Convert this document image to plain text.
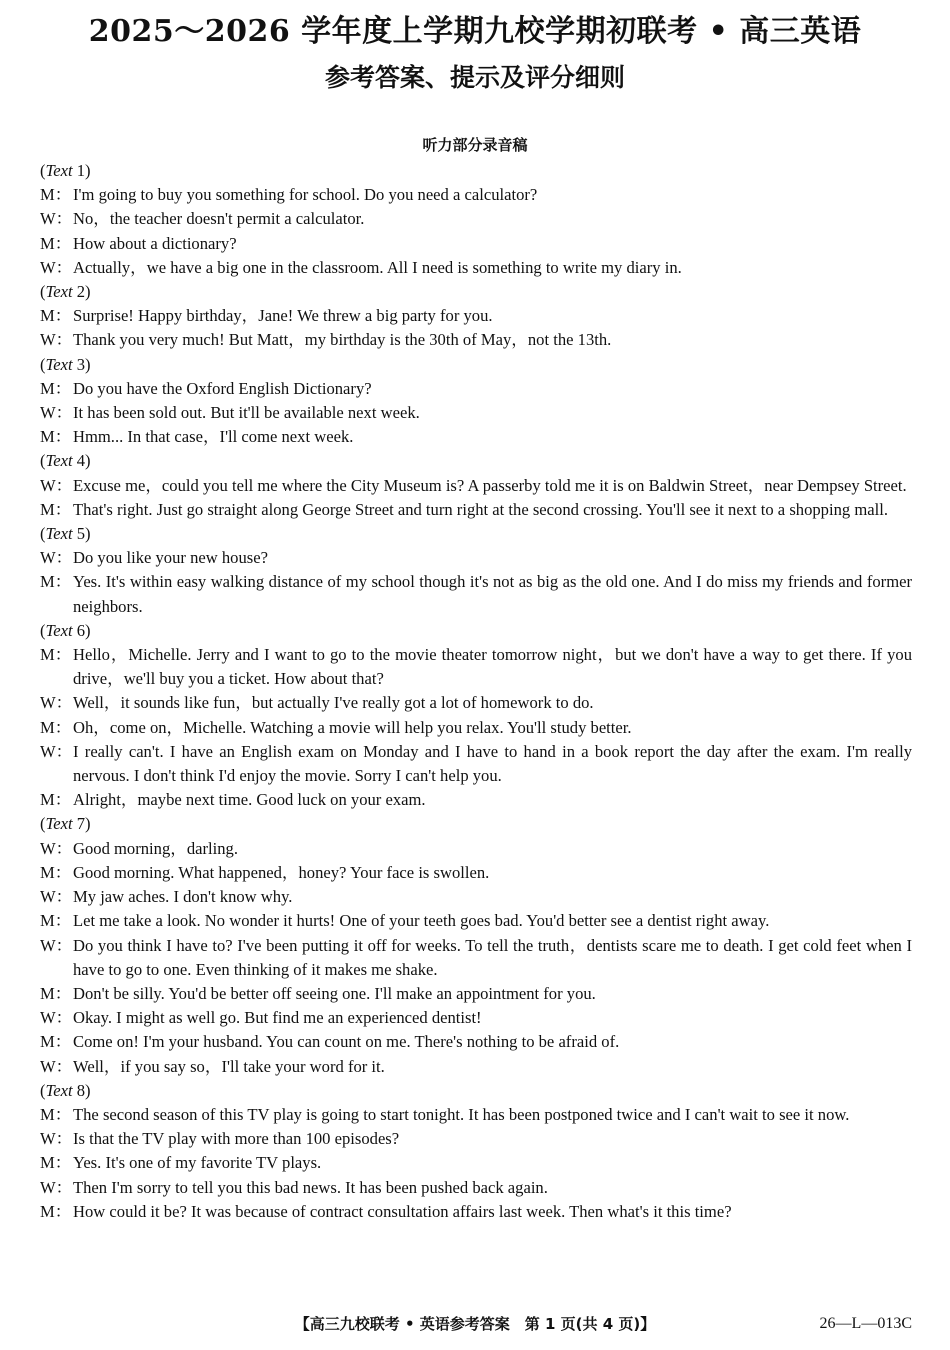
2025～2026 学年度上学期九校学期初联考 • 高三英语
参考答案、提示及评分细则
听力部分录音稿

(Text 1)

M：I'm going to buy you something for school. Do you need a calculator?

W：No，the teacher doesn't permit a calculator.

M：How about a dictionary?

W：Actually，we have a big one in the classroom. All I need is something to write my diary in.

(Text 2)

M：Surprise! Happy birthday，Jane! We threw a big party for you.

W：Thank you very much! But Matt，my birthday is the 30th of May，not the 13th.

(Text 3)

M：Do you have the Oxford English Dictionary?

W：It has been sold out. But it'll be available next week.

M：Hmm... In that case，I'll come next week.

(Text 4)

W：Excuse me，could you tell me where the City Museum is? A passerby told me it is on Baldwin Street，near Dempsey Street.

M：That's right. Just go straight along George Street and turn right at the second crossing. You'll see it next to a shopping mall.

(Text 5)

W：Do you like your new house?

M：Yes. It's within easy walking distance of my school though it's not as big as the old one. And I do miss my friends and former neighbors.

(Text 6)

M：Hello，Michelle. Jerry and I want to go to the movie theater tomorrow night，but we don't have a way to get there. If you drive，we'll buy you a ticket. How about that?

W：Well，it sounds like fun，but actually I've really got a lot of homework to do.

M：Oh，come on，Michelle. Watching a movie will help you relax. You'll study better.

W：I really can't. I have an English exam on Monday and I have to hand in a book report the day after the exam. I'm really nervous. I don't think I'd enjoy the movie. Sorry I can't help you.

M：Alright，maybe next time. Good luck on your exam.

(Text 7)

W：Good morning，darling.

M：Good morning. What happened，honey? Your face is swollen.

W：My jaw aches. I don't know why.

M：Let me take a look. No wonder it hurts! One of your teeth goes bad. You'd better see a dentist right away.

W：Do you think I have to? I've been putting it off for weeks. To tell the truth，dentists scare me to death. I get cold feet when I have to go to one. Even thinking of it makes me shake.

M：Don't be silly. You'd be better off seeing one. I'll make an appointment for you.

W：Okay. I might as well go. But find me an experienced dentist!

M：Come on! I'm your husband. You can count on me. There's nothing to be afraid of.

W：Well，if you say so，I'll take your word for it.

(Text 8)

M：The second season of this TV play is going to start tonight. It has been postponed twice and I can't wait to see it now.

W：Is that the TV play with more than 100 episodes?

M：Yes. It's one of my favorite TV plays.

W：Then I'm sorry to tell you this bad news. It has been pushed back again.

M：How could it be? It was because of contract consultation affairs last week. Then what's it this time?

【高三九校联考 • 英语参考答案　第 1 页(共 4 页)】	26—L—013C
